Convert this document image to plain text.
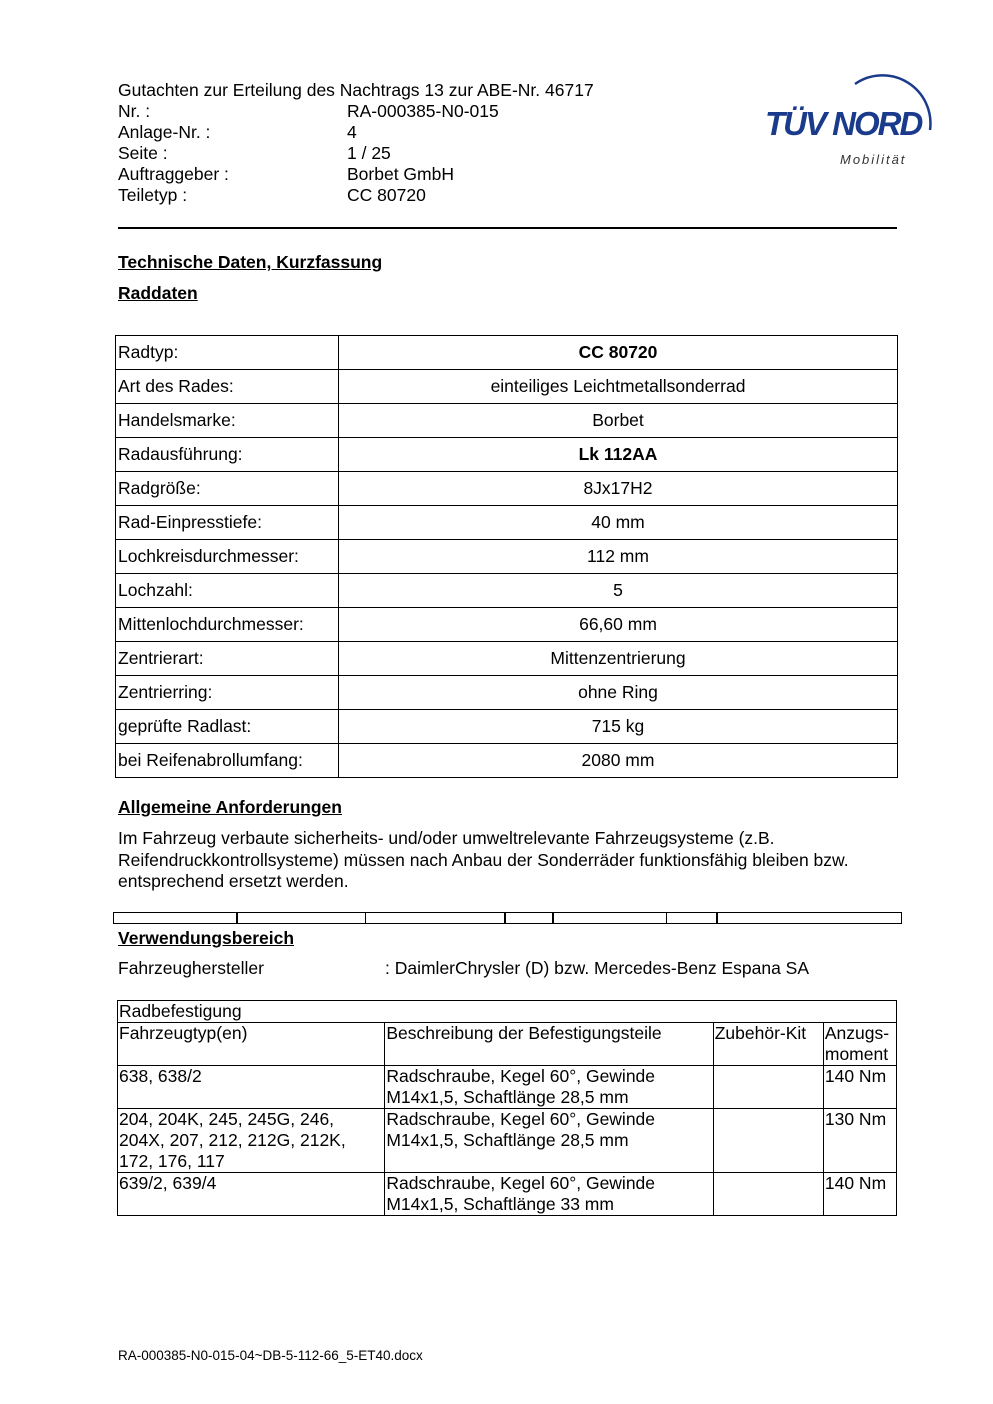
Gutachten zur Erteilung des Nachtrags 13 zur ABE-Nr. 46717
Nr. :	RA-000385-N0-015
Anlage-Nr. :	4
Seite :	1 / 25
Auftraggeber :	Borbet GmbH
Teiletyp :	CC 80720
TÜV NORD
Mobilität
Technische Daten, Kurzfassung
Raddaten
Radtyp:	CC 80720
Art des Rades:	einteiliges Leichtmetallsonderrad
Handelsmarke:	Borbet
Radausführung:	Lk 112AA
Radgröße:	8Jx17H2
Rad-Einpresstiefe:	40 mm
Lochkreisdurchmesser:	112 mm
Lochzahl:	5
Mittenlochdurchmesser:	66,60 mm
Zentrierart:	Mittenzentrierung
Zentrierring:	ohne Ring
geprüfte Radlast:	715 kg
bei Reifenabrollumfang:	2080 mm
Allgemeine Anforderungen
Im Fahrzeug verbaute sicherheits- und/oder umweltrelevante Fahrzeugsysteme (z.B. Reifendruckkontrollsysteme) müssen nach Anbau der Sonderräder funktionsfähig bleiben bzw. entsprechend ersetzt werden.
Verwendungsbereich
Fahrzeughersteller	: DaimlerChrysler (D) bzw. Mercedes-Benz Espana SA
Radbefestigung			
Fahrzeugtyp(en)	Beschreibung der Befestigungsteile	Zubehör-Kit	Anzugs-moment
638, 638/2	Radschraube, Kegel 60°, Gewinde M14x1,5, Schaftlänge 28,5 mm		140 Nm
204, 204K, 245, 245G, 246, 204X, 207, 212, 212G, 212K, 172, 176, 117	Radschraube, Kegel 60°, Gewinde M14x1,5, Schaftlänge 28,5 mm		130 Nm
639/2, 639/4	Radschraube, Kegel 60°, Gewinde M14x1,5, Schaftlänge 33 mm		140 Nm
RA-000385-N0-015-04~DB-5-112-66_5-ET40.docx
